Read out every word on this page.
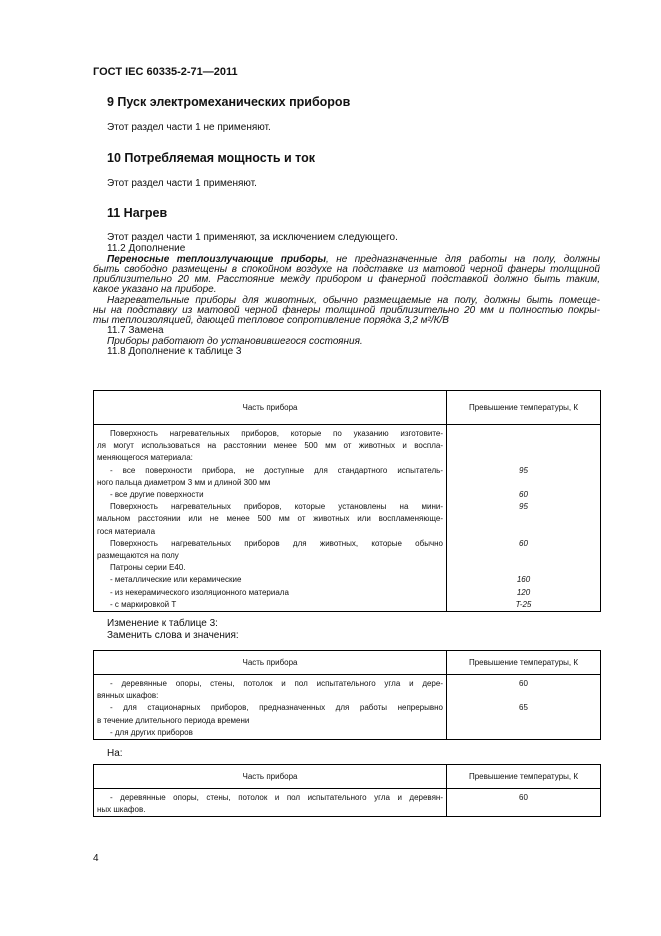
ГОСТ IEC 60335-2-71—2011
9 Пуск электромеханических приборов
Этот раздел части 1 не применяют.
10 Потребляемая мощность и ток
Этот раздел части 1 применяют.
11 Нагрев
Этот раздел части 1 применяют, за исключением следующего.
11.2 Дополнение
Переносные теплоизлучающие приборы, не предназначенные для работы на полу, должны
быть свободно размещены в спокойном воздухе на подставке из матовой черной фанеры толщиной
приблизительно 20 мм. Расстояние между прибором и фанерной подставкой должно быть таким,
какое указано на приборе.
Нагревательные приборы для животных, обычно размещаемые на полу, должны быть помеще-
ны на подставку из матовой черной фанеры толщиной приблизительно 20 мм и полностью покры-
ты теплоизоляцией, дающей тепловое сопротивление порядка 3,2 м²/К/В
11.7 Замена
Приборы работают до установившегося состояния.
11.8 Дополнение к таблице 3
Часть прибора	Превышение температуры, К

Поверхность нагревательных приборов, которые по указанию изготовите-
ля могут использоваться на расстоянии менее 500 мм от животных и воспла-
меняющегося материала:	

- все поверхности прибора, не доступные для стандартного испытатель-
ного пальца диаметром 3 мм и длиной 300 мм	95

- все другие поверхности	60

Поверхность нагревательных приборов, которые установлены на мини-
мальном расстоянии или не менее 500 мм от животных или воспламеняюще-
гося материала	95

Поверхность нагревательных приборов для животных, которые обычно
размещаются на полу	60

Патроны серии Е40.	

- металлические или керамические	160

- из некерамического изоляционного материала	120

- с маркировкой Т	T-25
Изменение к таблице 3:
Заменить слова и значения:
Часть прибора	Превышение температуры, К

- деревянные опоры, стены, потолок и пол испытательного угла и дере-
вянных шкафов:	60

- для стационарных приборов, предназначенных для работы непрерывно
в течение длительного периода времени	65

- для других приборов	

На:
Часть прибора	Превышение температуры, К

- деревянные опоры, стены, потолок и пол испытательного угла и деревян-
ных шкафов.	60
4
